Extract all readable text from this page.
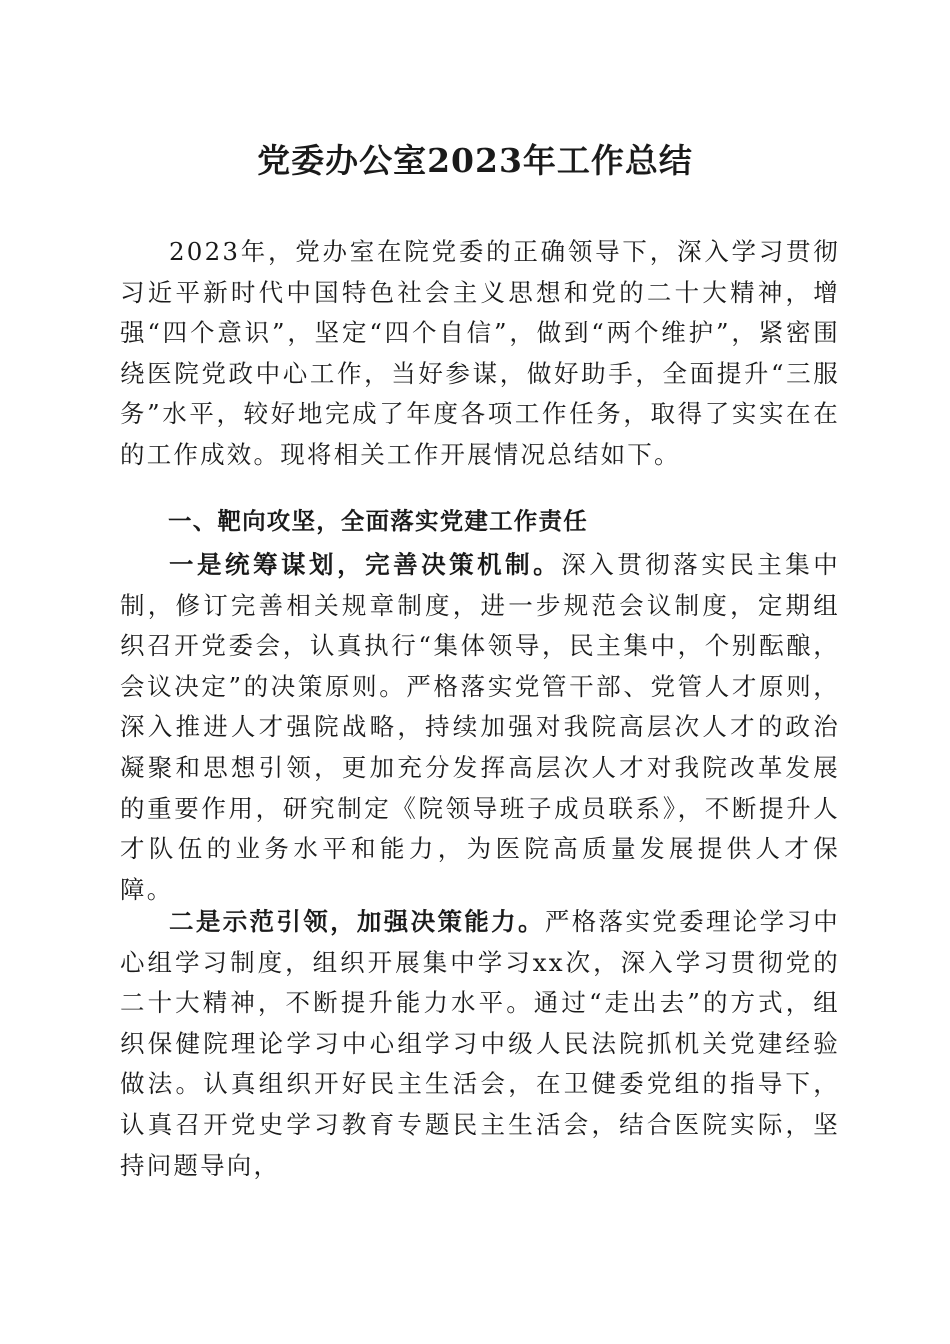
党委办公室2023年工作总结

2023年，党办室在院党委的正确领导下，深入学习贯彻习近平新时代中国特色社会主义思想和党的二十大精神，增强“四个意识”，坚定“四个自信”，做到“两个维护”，紧密围绕医院党政中心工作，当好参谋，做好助手，全面提升“三服务”水平，较好地完成了年度各项工作任务，取得了实实在在的工作成效。现将相关工作开展情况总结如下。

一、靶向攻坚，全面落实党建工作责任

一是统筹谋划，完善决策机制。深入贯彻落实民主集中制，修订完善相关规章制度，进一步规范会议制度，定期组织召开党委会，认真执行“集体领导，民主集中，个别酝酿，会议决定”的决策原则。严格落实党管干部、党管人才原则，深入推进人才强院战略，持续加强对我院高层次人才的政治凝聚和思想引领，更加充分发挥高层次人才对我院改革发展的重要作用，研究制定《院领导班子成员联系》，不断提升人才队伍的业务水平和能力，为医院高质量发展提供人才保障。

二是示范引领，加强决策能力。严格落实党委理论学习中心组学习制度，组织开展集中学习xx次，深入学习贯彻党的二十大精神，不断提升能力水平。通过“走出去”的方式，组织保健院理论学习中心组学习中级人民法院抓机关党建经验做法。认真组织开好民主生活会，在卫健委党组的指导下，认真召开党史学习教育专题民主生活会，结合医院实际，坚持问题导向，
